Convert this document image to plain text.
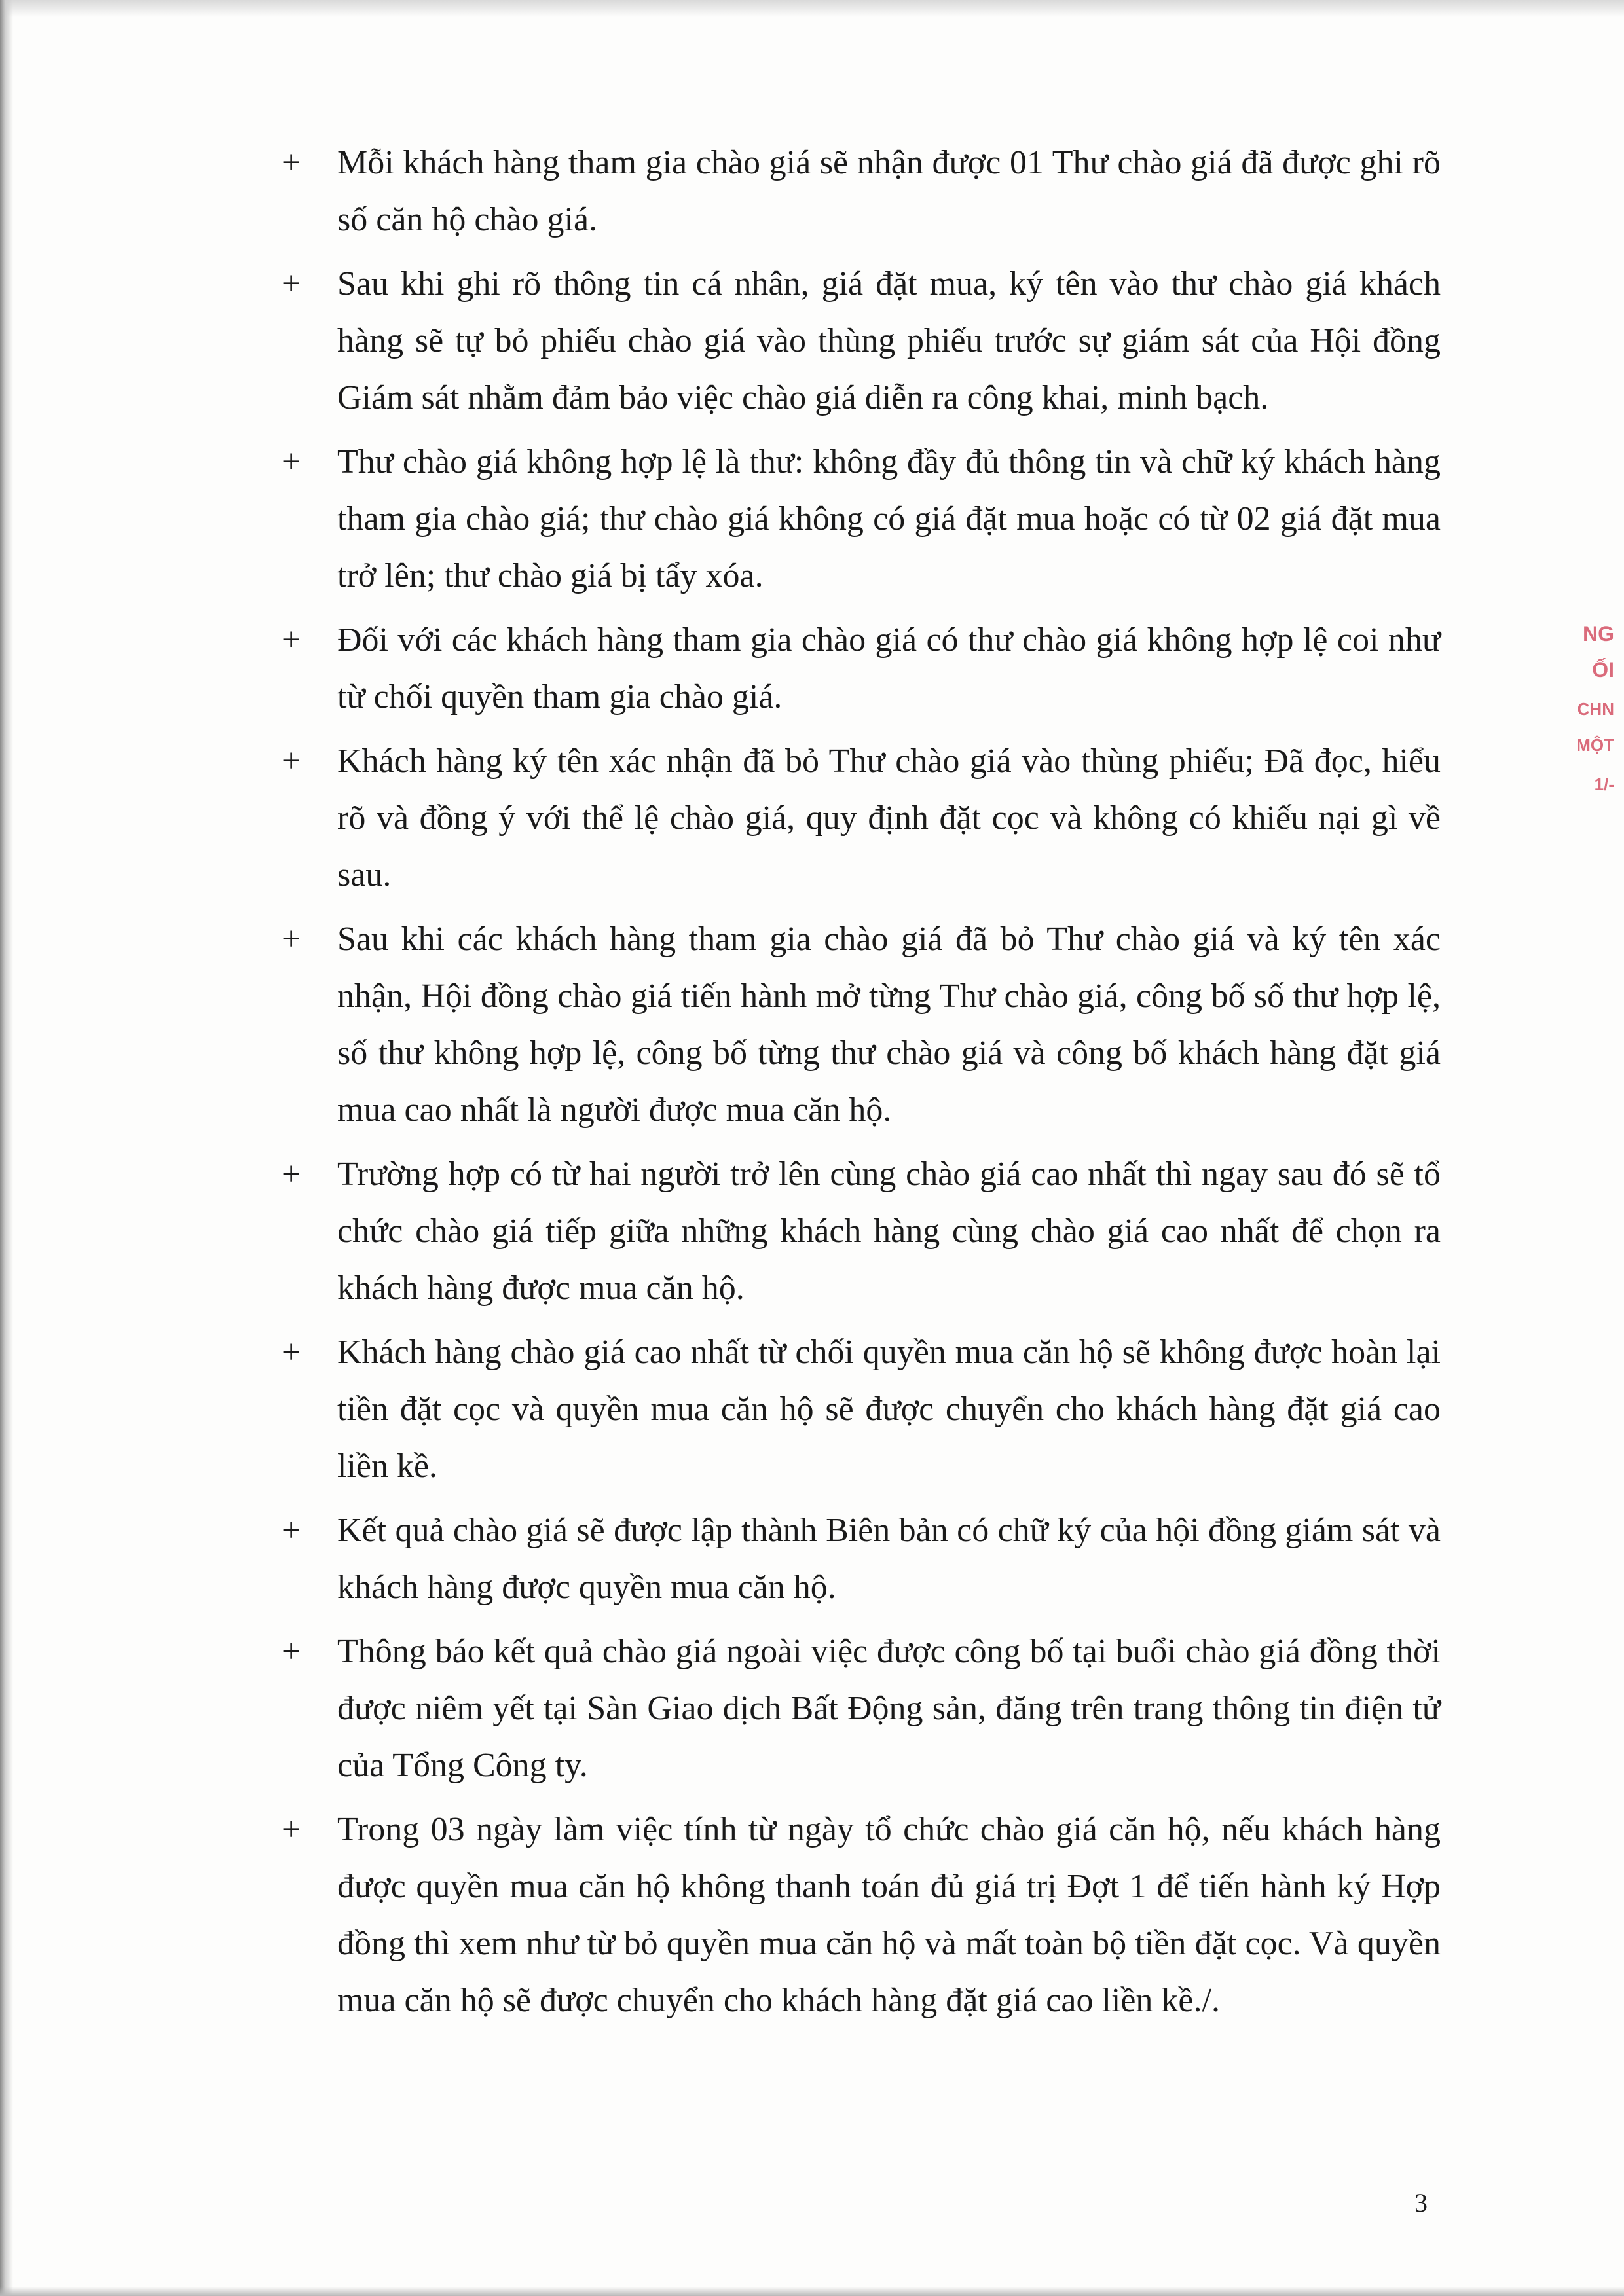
+	Mỗi khách hàng tham gia chào giá sẽ nhận được 01 Thư chào giá đã được ghi rõ số căn hộ chào giá.
+	Sau khi ghi rõ thông tin cá nhân, giá đặt mua, ký tên vào thư chào giá khách hàng sẽ tự bỏ phiếu chào giá vào thùng phiếu trước sự giám sát của Hội đồng Giám sát nhằm đảm bảo việc chào giá diễn ra công khai, minh bạch.
+	Thư chào giá không hợp lệ là thư: không đầy đủ thông tin và chữ ký khách hàng tham gia chào giá; thư chào giá không có giá đặt mua hoặc có từ 02 giá đặt mua trở lên; thư chào giá bị tẩy xóa.
+	Đối với các khách hàng tham gia chào giá có thư chào giá không hợp lệ coi như từ chối quyền tham gia chào giá.
+	Khách hàng ký tên xác nhận đã bỏ Thư chào giá vào thùng phiếu; Đã đọc, hiểu rõ và đồng ý với thể lệ chào giá, quy định đặt cọc và không có khiếu nại gì về sau.
+	Sau khi các khách hàng tham gia chào giá đã bỏ Thư chào giá và ký tên xác nhận, Hội đồng chào giá tiến hành mở từng Thư chào giá, công bố số thư hợp lệ, số thư không hợp lệ, công bố từng thư chào giá và công bố khách hàng đặt giá mua cao nhất là người được mua căn hộ.
+	Trường hợp có từ hai người trở lên cùng chào giá cao nhất thì ngay sau đó sẽ tổ chức chào giá tiếp giữa những khách hàng cùng chào giá cao nhất để chọn ra khách hàng được mua căn hộ.
+	Khách hàng chào giá cao nhất từ chối quyền mua căn hộ sẽ không được hoàn lại tiền đặt cọc và quyền mua căn hộ sẽ được chuyển cho khách hàng đặt giá cao liền kề.
+	Kết quả chào giá sẽ được lập thành Biên bản có chữ ký của hội đồng giám sát và khách hàng được quyền mua căn hộ.
+	Thông báo kết quả chào giá ngoài việc được công bố tại buổi chào giá đồng thời được niêm yết tại Sàn Giao dịch Bất Động sản, đăng trên trang thông tin điện tử của Tổng Công ty.
+	Trong 03 ngày làm việc tính từ ngày tổ chức chào giá căn hộ, nếu khách hàng được quyền mua căn hộ không thanh toán đủ giá trị Đợt 1 để tiến hành ký Hợp đồng thì xem như từ bỏ quyền mua căn hộ và mất toàn bộ tiền đặt cọc. Và quyền mua căn hộ sẽ được chuyển cho khách hàng đặt giá cao liền kề./.
NG
ỐI
CHN
MỘT
1/-
3
